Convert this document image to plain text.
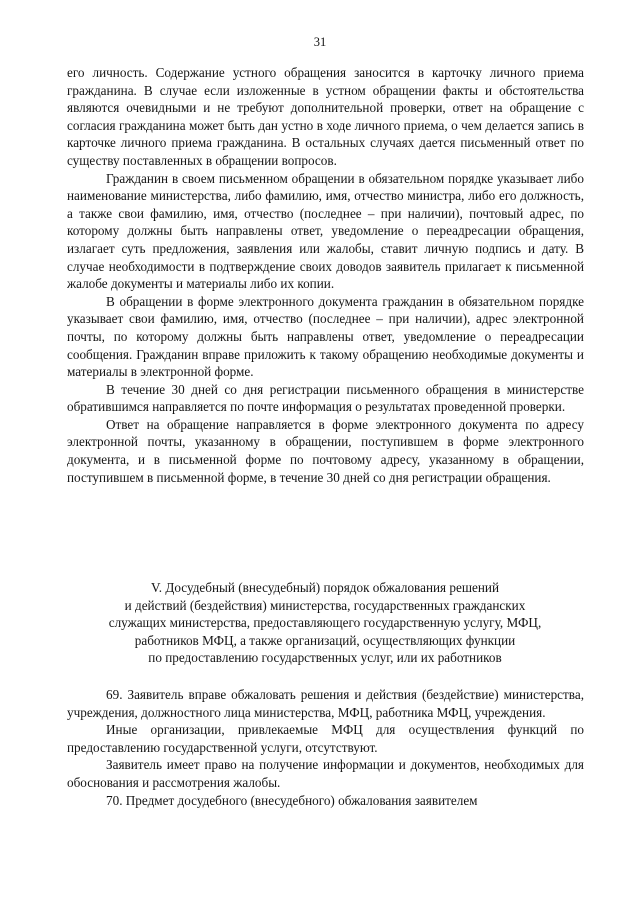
31

его личность. Содержание устного обращения заносится в карточку личного приема гражданина. В случае если изложенные в устном обращении факты и обстоятельства являются очевидными и не требуют дополнительной проверки, ответ на обращение с согласия гражданина может быть дан устно в ходе личного приема, о чем делается запись в карточке личного приема гражданина. В остальных случаях дается письменный ответ по существу поставленных в обращении вопросов.

Гражданин в своем письменном обращении в обязательном порядке указывает либо наименование министерства, либо фамилию, имя, отчество министра, либо его должность, а также свои фамилию, имя, отчество (последнее – при наличии), почтовый адрес, по которому должны быть направлены ответ, уведомление о переадресации обращения, излагает суть предложения, заявления или жалобы, ставит личную подпись и дату. В случае необходимости в подтверждение своих доводов заявитель прилагает к письменной жалобе документы и материалы либо их копии.

В обращении в форме электронного документа гражданин в обязательном порядке указывает свои фамилию, имя, отчество (последнее – при наличии), адрес электронной почты, по которому должны быть направлены ответ, уведомление о переадресации сообщения. Гражданин вправе приложить к такому обращению необходимые документы и материалы в электронной форме.

В течение 30 дней со дня регистрации письменного обращения в министерстве обратившимся направляется по почте информация о результатах проведенной проверки.

Ответ на обращение направляется в форме электронного документа по адресу электронной почты, указанному в обращении, поступившем в форме электронного документа, и в письменной форме по почтовому адресу, указанному в обращении, поступившем в письменной форме, в течение 30 дней со дня регистрации обращения.

V. Досудебный (внесудебный) порядок обжалования решений
и действий (бездействия) министерства, государственных гражданских
служащих министерства, предоставляющего государственную услугу, МФЦ,
работников МФЦ, а также организаций, осуществляющих функции
по предоставлению государственных услуг, или их работников

69. Заявитель вправе обжаловать решения и действия (бездействие) министерства, учреждения, должностного лица министерства, МФЦ, работника МФЦ, учреждения.

Иные организации, привлекаемые МФЦ для осуществления функций по предоставлению государственной услуги, отсутствуют.

Заявитель имеет право на получение информации и документов, необходимых для обоснования и рассмотрения жалобы.

70. Предмет досудебного (внесудебного) обжалования заявителем
